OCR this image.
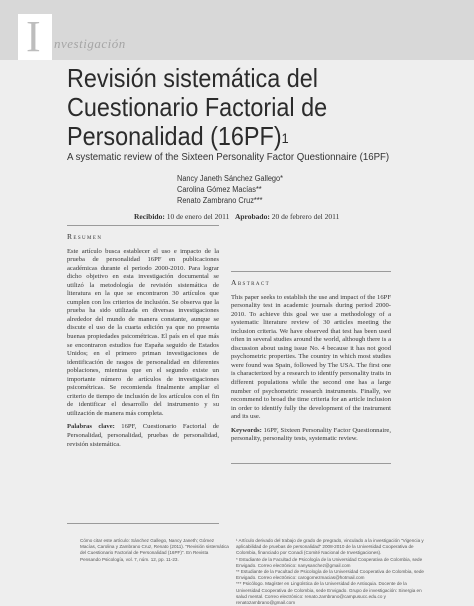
I nvestigación
Revisión sistemática del
Cuestionario Factorial de
Personalidad $(16PF)^1$
A systematic review of the Sixteen Personality Factor Questionnaire (16PF)
Nancy Janeth Sánchez Gallego*
Carolina Gómez Macías**
Renato Zambrano Cruz***
Recibido: 10 de enero del 2011 Aprobado: 20 de febrero del 2011
Resumen

Este artículo busca establecer el uso e impacto de la prueba de personalidad 16PF en publicaciones académicas durante el periodo 2000-2010. Para lograr dicho objetivo en esta investigación documental se utilizó la metodología de revisión sistemática de literatura en la que se encontraron 30 artículos que cumplen con los criterios de inclusión. Se observa que la prueba ha sido utilizada en diversas investigaciones alrededor del mundo de manera constante, aunque se discute el uso de la cuarta edición ya que no presenta buenas propiedades psicométricas. El país en el que más se encontraron estudios fue España seguido de Estados Unidos; en el primero priman investigaciones de identificación de rasgos de personalidad en diferentes poblaciones, mientras que en el segundo existe un importante número de artículos de investigaciones psicométricas. Se recomienda finalmente ampliar el criterio de tiempo de inclusión de los artículos con el fin de identificar el desarrollo del instrumento y su utilización de manera más completa.

Palabras clave: 16PF, Cuestionario Factorial de Personalidad, personalidad, pruebas de personalidad, revisión sistemática.

Abstract

This paper seeks to establish the use and impact of the 16PF personality test in academic journals during period 2000-2010. To achieve this goal we use a methodology of a systematic literature review of 30 articles meeting the inclusion criteria. We have observed that test has been used often in several studies around the world, although there is a discussion about using issue No. 4 because it has not good psychometric properties. The country in which most studies were found was Spain, followed by The USA. The first one is characterized by a research to identify personality traits in different populations while the second one has a large number of psychometric research instruments. Finally, we recommend to broad the time criteria for an article inclusion in order to identify fully the development of the instrument and its use.

Keywords: 16PF, Sixteen Personality Factor Questionnaire, personality, personality tests, systematic review.

Cómo citar este artículo: Sánchez Gallego, Nancy Janeth; Gómez Macías, Carolina y Zambrano Cruz, Renato (2011). "Revisión sistemática del Cuestionario Factorial de Personalidad (16PF)". En Revista Pensando Psicología, vol. 7, núm. 12, pp. 11-23.
¹ Artículo derivado del trabajo de grado de pregrado, vinculado a la investigación "Vigencia y aplicabilidad de pruebas de personalidad" 2008-2010 de la Universidad Cooperativa de Colombia, financiado por Conadi (Comité Nacional de Investigaciones).
* Estudiante de la Facultad de Psicología de la Universidad Cooperativa de Colombia, sede Envigado. Correo electrónico: nanysanchez@gmail.com
** Estudiante de la Facultad de Psicología de la Universidad Cooperativa de Colombia, sede Envigado. Correo electrónico: carogomezmacias@hotmail.com
*** Psicólogo. Magíster en Lingüística de la Universidad de Antioquia. Docente de la Universidad Cooperativa de Colombia, sede Envigado. Grupo de investigación: Sinergia en salud mental. Correo electrónico: renato.zambrano@campusucc.edu.co y renatozambrano@gmail.com
